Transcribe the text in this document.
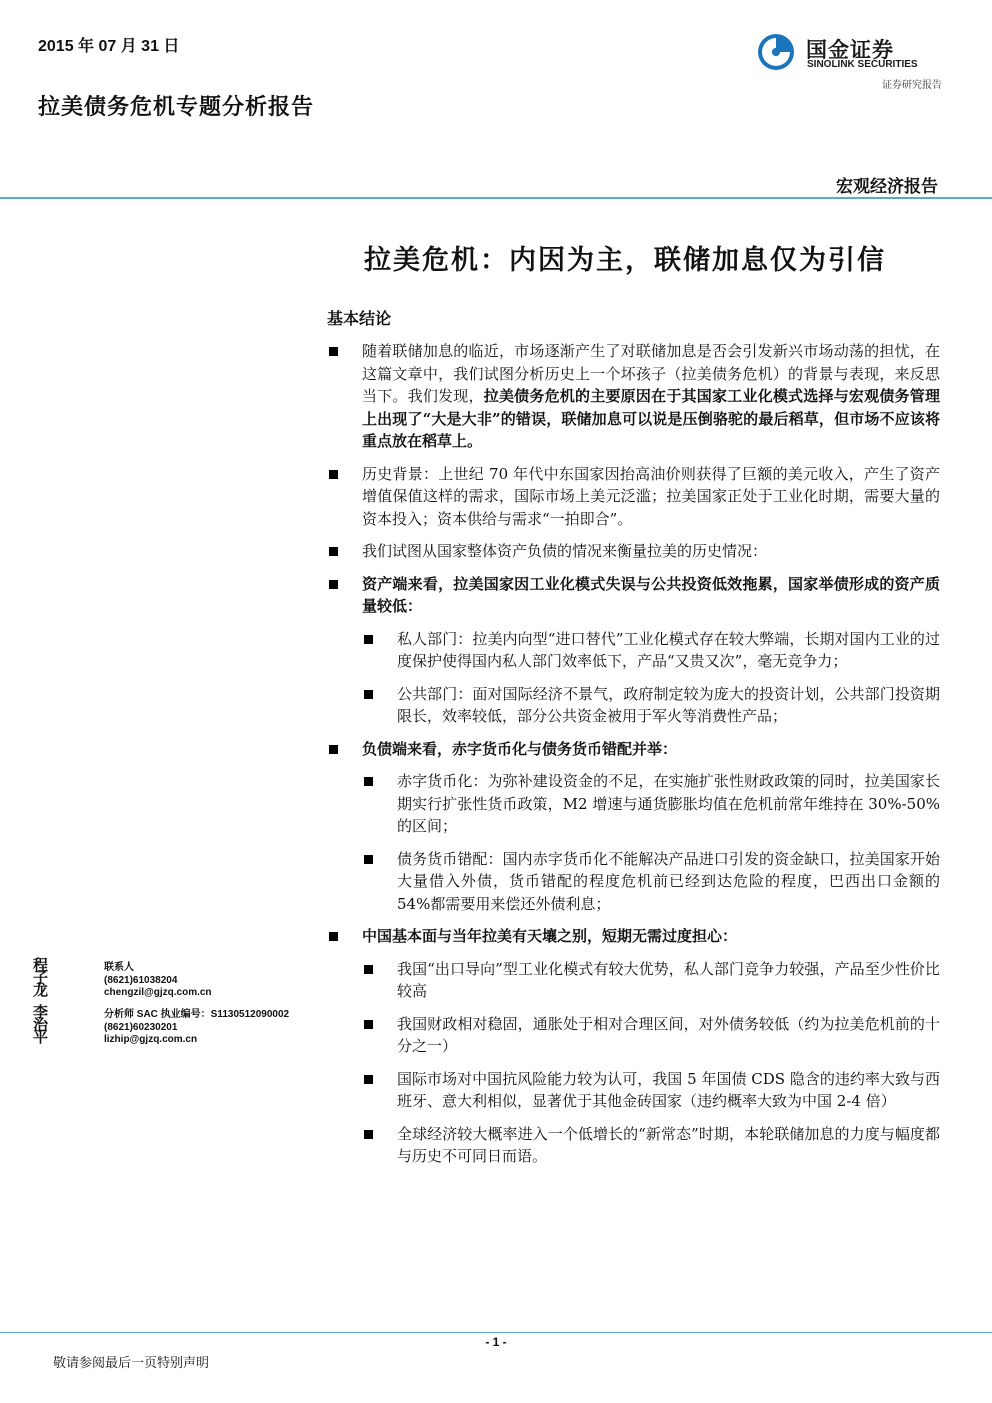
2015 年 07 月 31 日
拉美债务危机专题分析报告
国金证券
SINOLINK SECURITIES
证券研究报告
宏观经济报告
拉美危机：内因为主，联储加息仅为引信
基本结论
随着联储加息的临近，市场逐渐产生了对联储加息是否会引发新兴市场动荡的担忧，在这篇文章中，我们试图分析历史上一个坏孩子（拉美债务危机）的背景与表现，来反思当下。我们发现，拉美债务危机的主要原因在于其国家工业化模式选择与宏观债务管理上出现了“大是大非”的错误，联储加息可以说是压倒骆驼的最后稻草，但市场不应该将重点放在稻草上。
历史背景：上世纪 70 年代中东国家因抬高油价则获得了巨额的美元收入，产生了资产增值保值这样的需求，国际市场上美元泛滥；拉美国家正处于工业化时期，需要大量的资本投入；资本供给与需求“一拍即合”。
我们试图从国家整体资产负债的情况来衡量拉美的历史情况：
资产端来看，拉美国家因工业化模式失误与公共投资低效拖累，国家举债形成的资产质量较低：
私人部门：拉美内向型“进口替代”工业化模式存在较大弊端，长期对国内工业的过度保护使得国内私人部门效率低下，产品“又贵又次”，毫无竞争力；
公共部门：面对国际经济不景气，政府制定较为庞大的投资计划，公共部门投资期限长，效率较低，部分公共资金被用于军火等消费性产品；
负债端来看，赤字货币化与债务货币错配并举：
赤字货币化：为弥补建设资金的不足，在实施扩张性财政政策的同时，拉美国家长期实行扩张性货币政策，M2 增速与通货膨胀均值在危机前常年维持在 30%-50%的区间；
债务货币错配：国内赤字货币化不能解决产品进口引发的资金缺口，拉美国家开始大量借入外债，货币错配的程度危机前已经到达危险的程度，巴西出口金额的 54%都需要用来偿还外债利息；
中国基本面与当年拉美有天壤之别，短期无需过度担心：
我国“出口导向”型工业化模式有较大优势，私人部门竞争力较强，产品至少性价比较高
我国财政相对稳固，通胀处于相对合理区间，对外债务较低（约为拉美危机前的十分之一）
国际市场对中国抗风险能力较为认可，我国 5 年国债 CDS 隐含的违约率大致与西班牙、意大利相似，显著优于其他金砖国家（违约概率大致为中国 2-4 倍）
全球经济较大概率进入一个低增长的“新常态”时期，本轮联储加息的力度与幅度都与历史不可同日而语。
程子龙
联系人
(8621)61038204
chengzil@gjzq.com.cn
李治平
分析师 SAC 执业编号：S1130512090002
(8621)60230201
lizhip@gjzq.com.cn
- 1 -
敬请参阅最后一页特别声明
